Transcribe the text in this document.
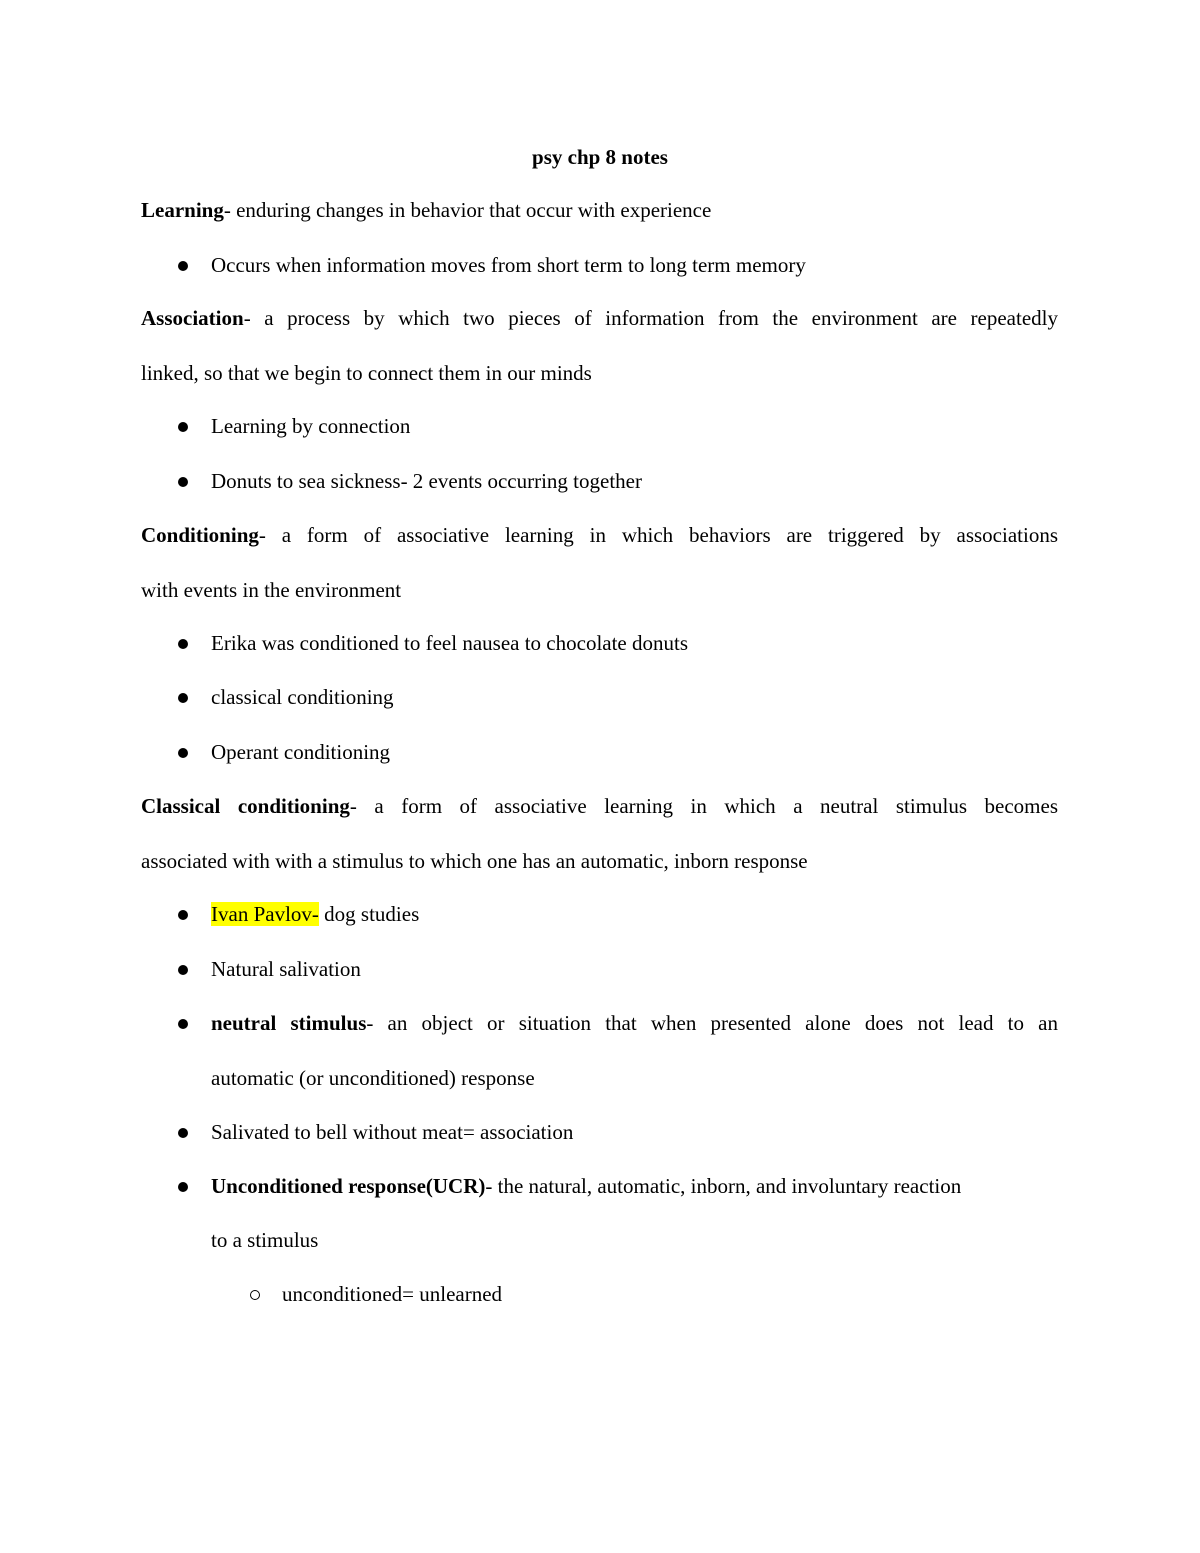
psy chp 8 notes
Learning- enduring changes in behavior that occur with experience
Occurs when information moves from short term to long term memory
Association- a process by which two pieces of information from the environment are repeatedly
linked, so that we begin to connect them in our minds
Learning by connection
Donuts to sea sickness- 2 events occurring together
Conditioning- a form of associative learning in which behaviors are triggered by associations
with events in the environment
Erika was conditioned to feel nausea to chocolate donuts
classical conditioning
Operant conditioning
Classical conditioning- a form of associative learning in which a neutral stimulus becomes
associated with with a stimulus to which one has an automatic, inborn response
Ivan Pavlov- dog studies
Natural salivation
neutral stimulus- an object or situation that when presented alone does not lead to an
automatic (or unconditioned) response
Salivated to bell without meat= association
Unconditioned response(UCR)- the natural, automatic, inborn, and involuntary reaction
to a stimulus
unconditioned= unlearned
